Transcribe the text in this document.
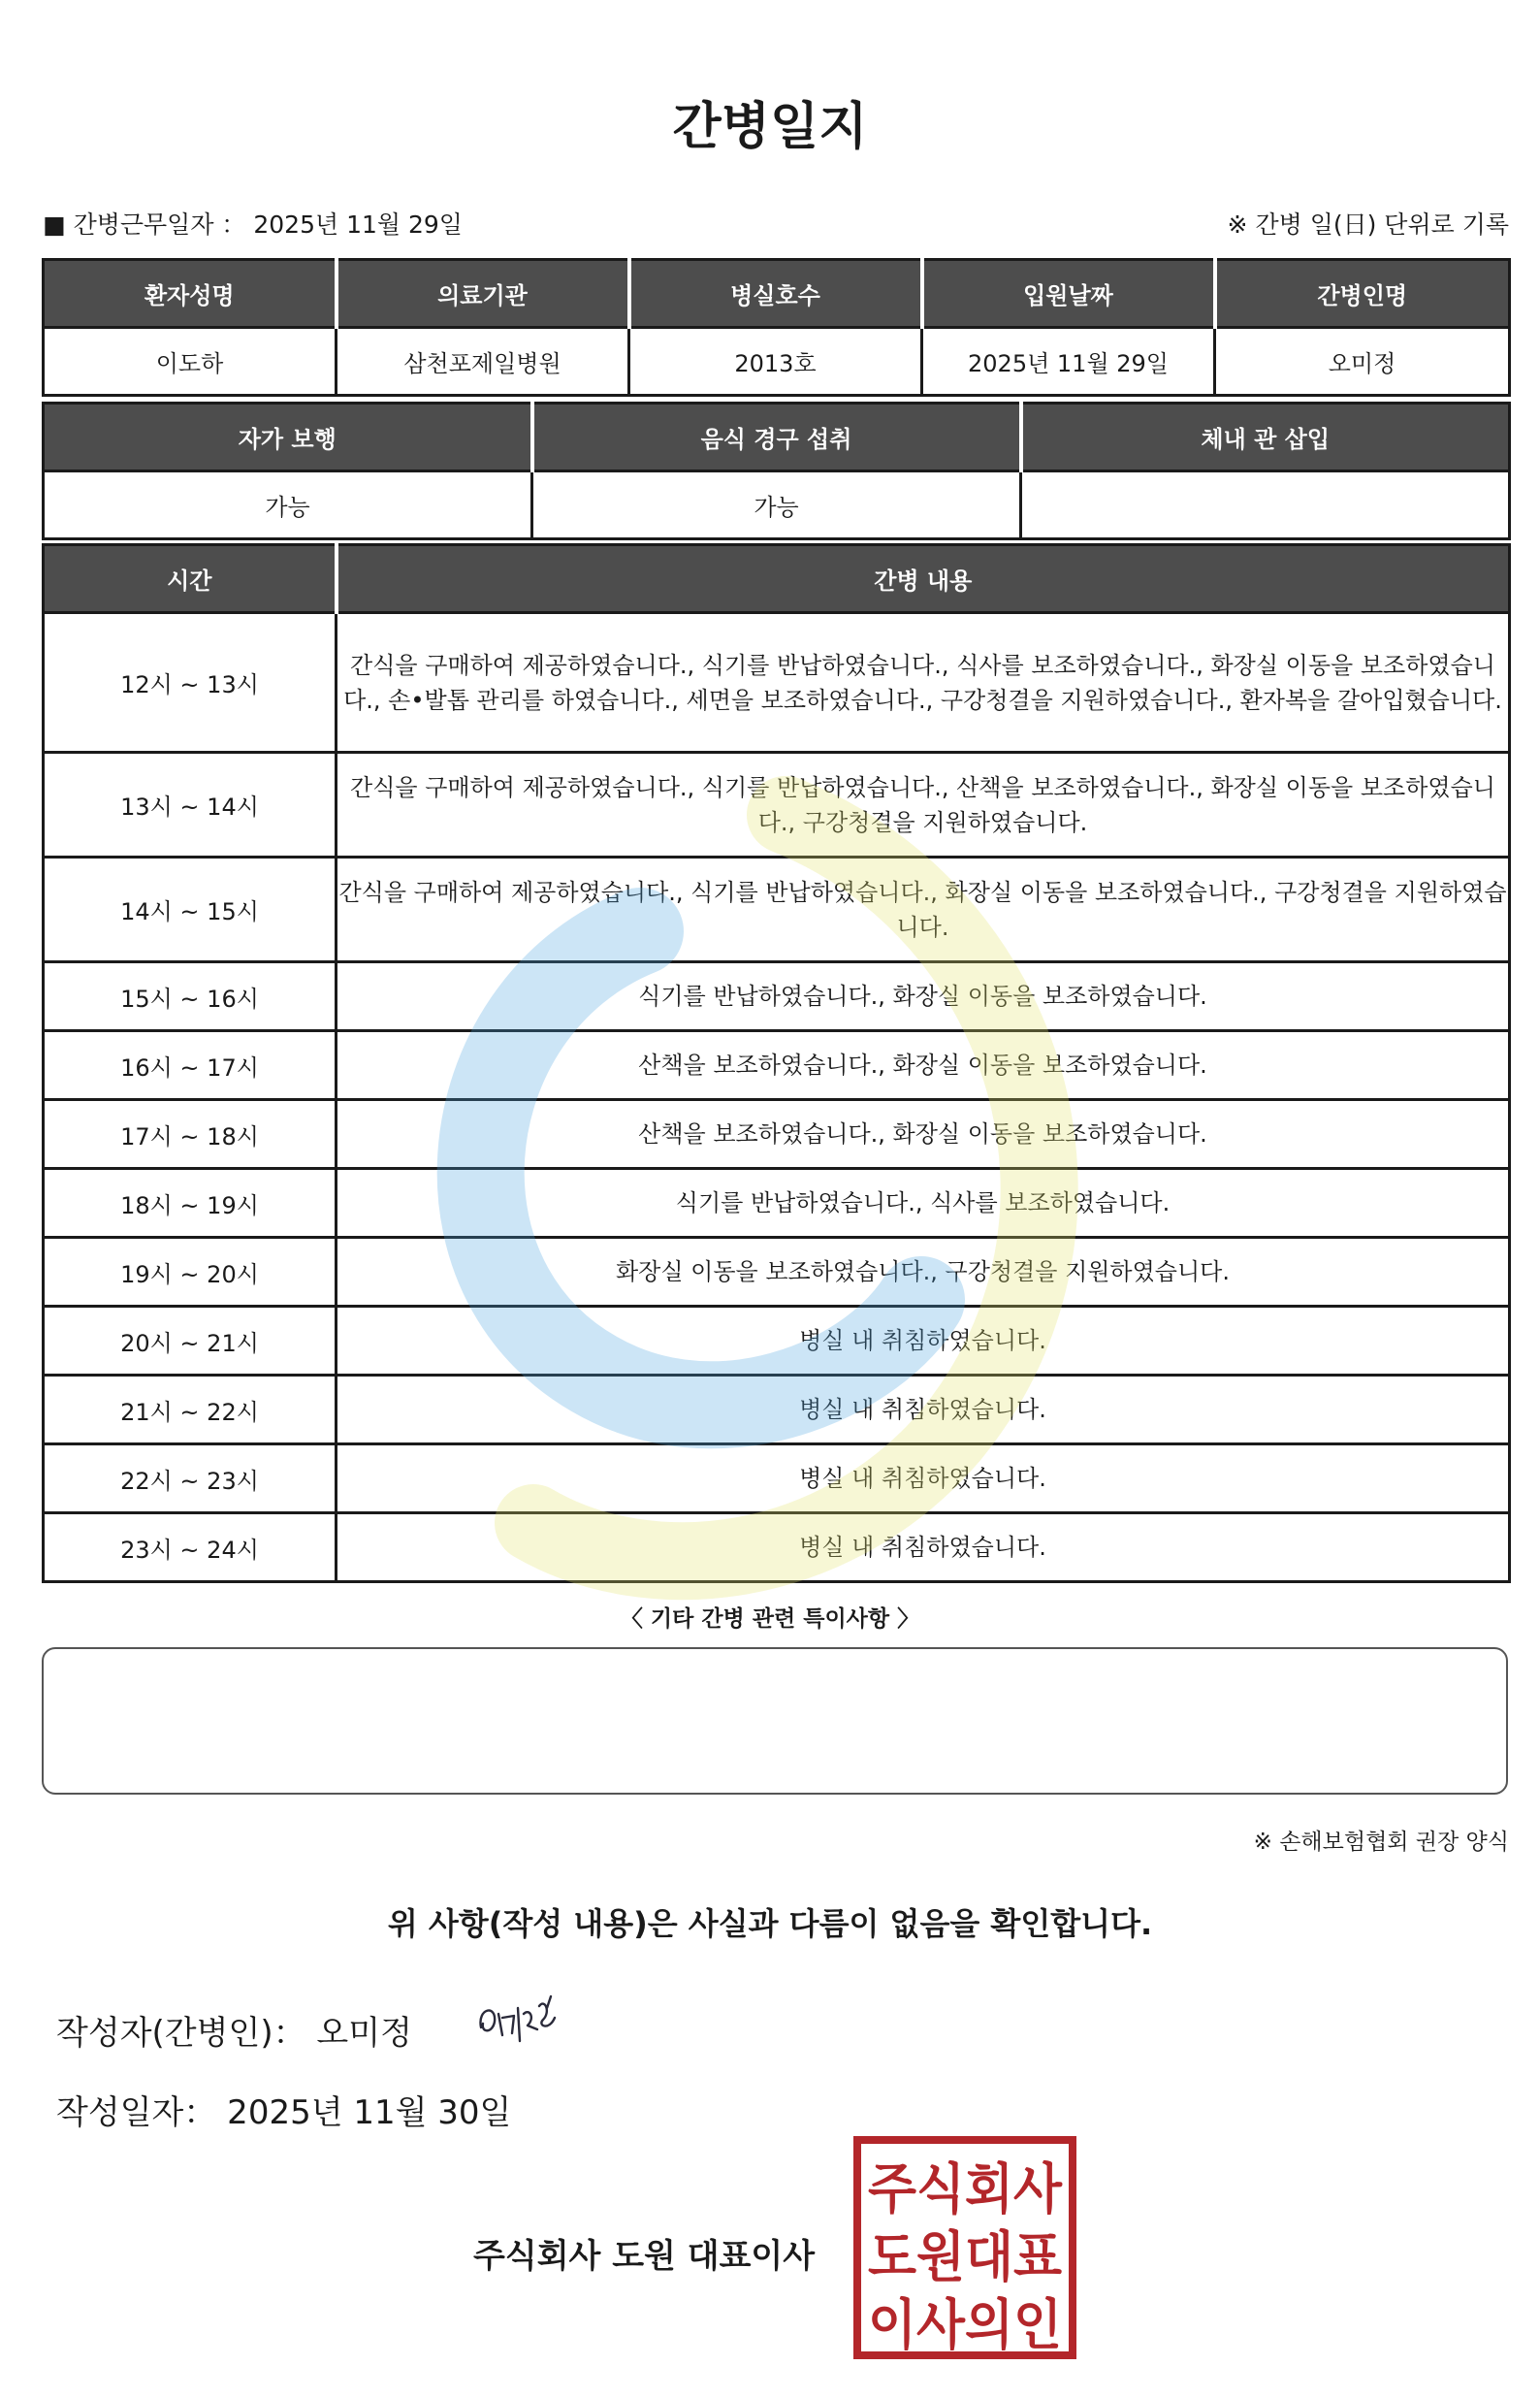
간병일지
■ 간병근무일자 ： 2025년 11월 29일	※ 간병 일(日) 단위로 기록
환자성명	의료기관	병실호수	입원날짜	간병인명
이도하	삼천포제일병원	2013호	2025년 11월 29일	오미정
자가 보행	음식 경구 섭취	체내 관 삽입
가능	가능	
시간	간병 내용
12시 ~ 13시	간식을 구매하여 제공하였습니다., 식기를 반납하였습니다., 식사를 보조하였습니다., 화장실 이동을 보조하였습니다., 손•발톱 관리를 하였습니다., 세면을 보조하였습니다., 구강청결을 지원하였습니다., 환자복을 갈아입혔습니다.
13시 ~ 14시	간식을 구매하여 제공하였습니다., 식기를 반납하였습니다., 산책을 보조하였습니다., 화장실 이동을 보조하였습니다., 구강청결을 지원하였습니다.
14시 ~ 15시	간식을 구매하여 제공하였습니다., 식기를 반납하였습니다., 화장실 이동을 보조하였습니다., 구강청결을 지원하였습니다.
15시 ~ 16시	식기를 반납하였습니다., 화장실 이동을 보조하였습니다.
16시 ~ 17시	산책을 보조하였습니다., 화장실 이동을 보조하였습니다.
17시 ~ 18시	산책을 보조하였습니다., 화장실 이동을 보조하였습니다.
18시 ~ 19시	식기를 반납하였습니다., 식사를 보조하였습니다.
19시 ~ 20시	화장실 이동을 보조하였습니다., 구강청결을 지원하였습니다.
20시 ~ 21시	병실 내 취침하였습니다.
21시 ~ 22시	병실 내 취침하였습니다.
22시 ~ 23시	병실 내 취침하였습니다.
23시 ~ 24시	병실 내 취침하였습니다.
〈 기타 간병 관련 특이사항 〉
※ 손해보험협회 권장 양식
위 사항(작성 내용)은 사실과 다름이 없음을 확인합니다.
작성자(간병인)： 오미정
작성일자： 2025년 11월 30일
주식회사 도원 대표이사
주식회사
도원대표
이사의인
